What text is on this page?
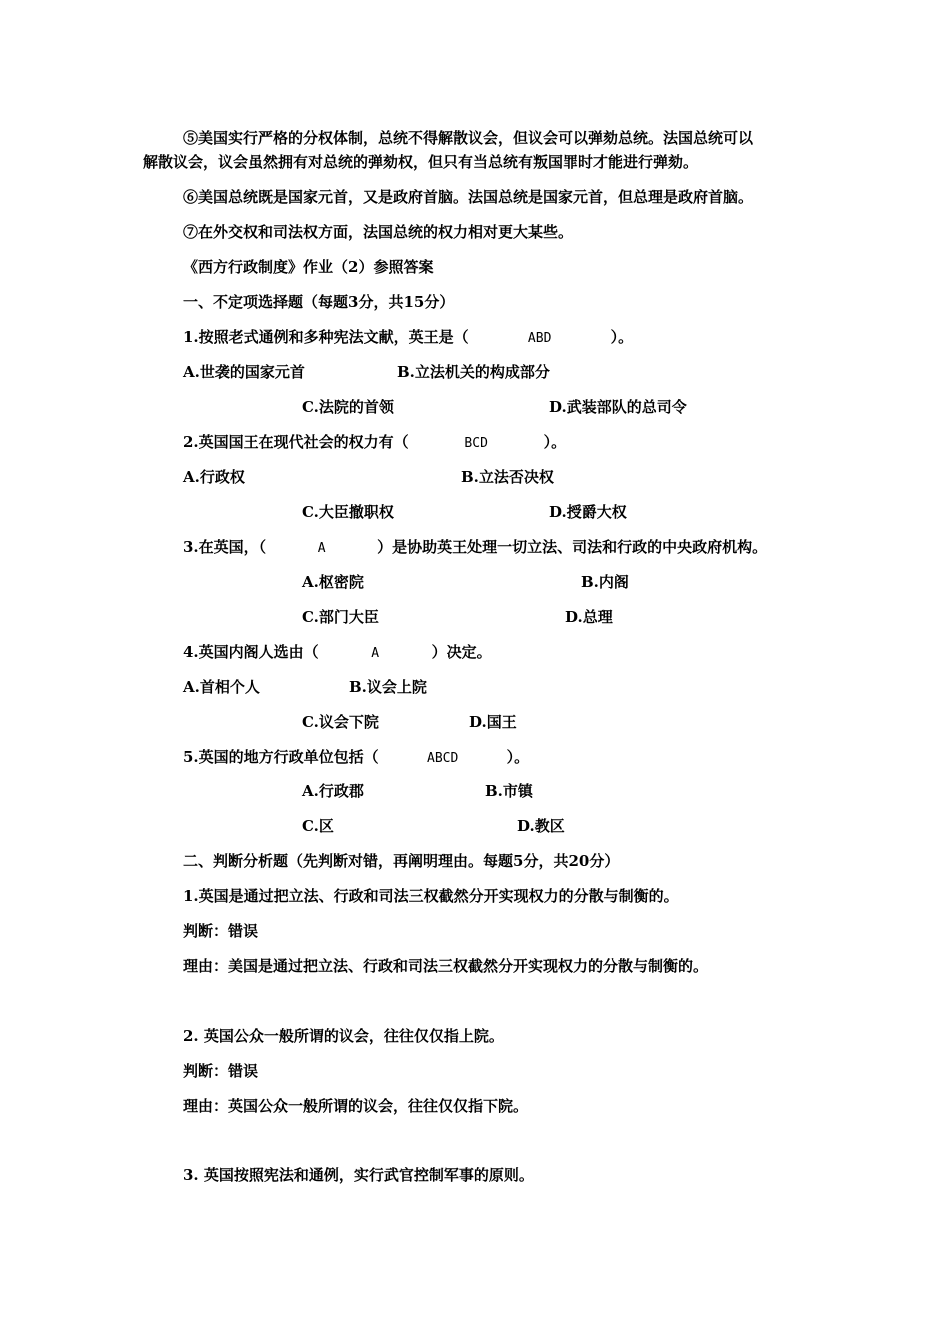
⑤美国实行严格的分权体制，总统不得解散议会，但议会可以弹劾总统。法国总统可以
解散议会，议会虽然拥有对总统的弹劾权，但只有当总统有叛国罪时才能进行弹劾。
⑥美国总统既是国家元首，又是政府首脑。法国总统是国家元首，但总理是政府首脑。
⑦在外交权和司法权方面，法国总统的权力相对更大某些。
《西方行政制度》作业（2）参照答案
一、不定项选择题（每题3分，共15分）
1.按照老式通例和多种宪法文献，英王是（	ABD	）。
A.世袭的国家元首	B.立法机关的构成部分
C.法院的首领	D.武装部队的总司令
2.英国国王在现代社会的权力有（	BCD	）。
A.行政权	B.立法否决权
C.大臣撤职权	D.授爵大权
3.在英国，（	A	）是协助英王处理一切立法、司法和行政的中央政府机构。
A.枢密院	B.内阁
C.部门大臣	D.总理
4.英国内阁人选由（	A	）决定。
A.首相个人	B.议会上院
C.议会下院	D.国王
5.英国的地方行政单位包括（	ABCD	）。
A.行政郡	B.市镇
C.区	D.教区
二、判断分析题（先判断对错，再阐明理由。每题5分，共20分）
1.英国是通过把立法、行政和司法三权截然分开实现权力的分散与制衡的。
判断：错误
理由：美国是通过把立法、行政和司法三权截然分开实现权力的分散与制衡的。
2. 英国公众一般所谓的议会，往往仅仅指上院。
判断：错误
理由：英国公众一般所谓的议会，往往仅仅指下院。
3. 英国按照宪法和通例，实行武官控制军事的原则。
